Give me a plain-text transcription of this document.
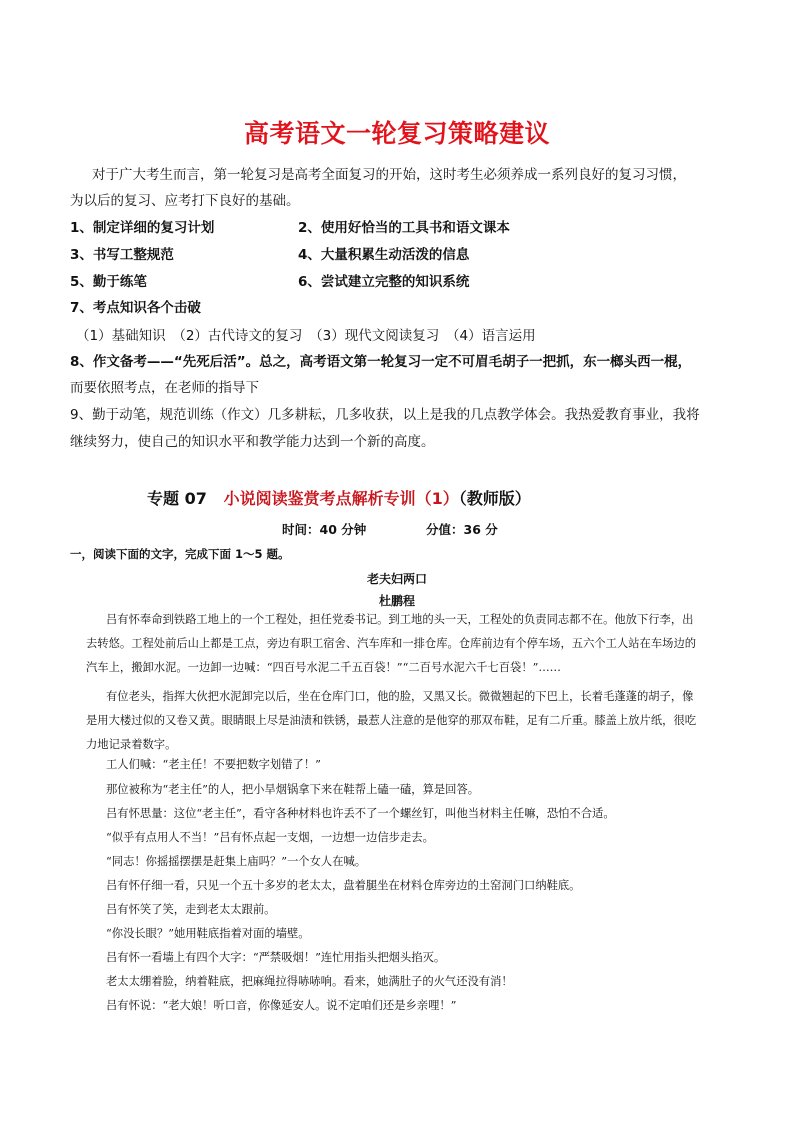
高考语文一轮复习策略建议
对于广大考生而言，第一轮复习是高考全面复习的开始，这时考生必须养成一系列良好的复习习惯，
为以后的复习、应考打下良好的基础。
1、制定详细的复习计划	2、使用好恰当的工具书和语文课本
3、书写工整规范	4、大量积累生动活泼的信息
5、勤于练笔	6、尝试建立完整的知识系统
7、考点知识各个击破
（1）基础知识　（2）古代诗文的复习　（3）现代文阅读复习　（4）语言运用
8、作文备考——“先死后活”。总之，高考语文第一轮复习一定不可眉毛胡子一把抓，东一榔头西一棍，
而要依照考点，在老师的指导下
9、勤于动笔，规范训练（作文）几多耕耘，几多收获，以上是我的几点教学体会。我热爱教育事业，我将
继续努力，使自己的知识水平和教学能力达到一个新的高度。
专题 07 小说阅读鉴赏考点解析专训（1）（教师版）
时间：40 分钟	分值：36 分
一，阅读下面的文字，完成下面 1～5 题。
老夫妇两口
杜鹏程
吕有怀奉命到铁路工地上的一个工程处，担任党委书记。到工地的头一天，工程处的负责同志都不在。他放下行李，出
去转悠。工程处前后山上都是工点，旁边有职工宿舍、汽车库和一排仓库。仓库前边有个停车场，五六个工人站在车场边的
汽车上，搬卸水泥。一边卸一边喊：“四百号水泥二千五百袋！”“二百号水泥六千七百袋！”……
有位老头，指挥大伙把水泥卸完以后，坐在仓库门口，他的脸，又黑又长。微微翘起的下巴上，长着毛蓬蓬的胡子，像
是用大楼过似的又卷又黄。眼睛眼上尽是油渍和铁锈，最惹人注意的是他穿的那双布鞋，足有二斤重。膝盖上放片纸，很吃
力地记录着数字。
工人们喊：“老主任！不要把数字划错了！”
那位被称为“老主任”的人，把小旱烟锅拿下来在鞋帮上磕一磕，算是回答。
吕有怀思量：这位“老主任”，看守各种材料也许丢不了一个螺丝钉，叫他当材料主任嘛，恐怕不合适。
“似乎有点用人不当！”吕有怀点起一支烟，一边想一边信步走去。
“同志！你摇摇摆摆是赶集上庙吗？”一个女人在喊。
吕有怀仔细一看，只见一个五十多岁的老太太，盘着腿坐在材料仓库旁边的土窑洞门口纳鞋底。
吕有怀笑了笑，走到老太太跟前。
“你没长眼？”她用鞋底指着对面的墙壁。
吕有怀一看墙上有四个大字：“严禁吸烟！”连忙用指头把烟头掐灭。
老太太绷着脸，纳着鞋底，把麻绳拉得哧哧响。看来，她满肚子的火气还没有消！
吕有怀说：“老大娘！听口音，你像延安人。说不定咱们还是乡亲哩！”
